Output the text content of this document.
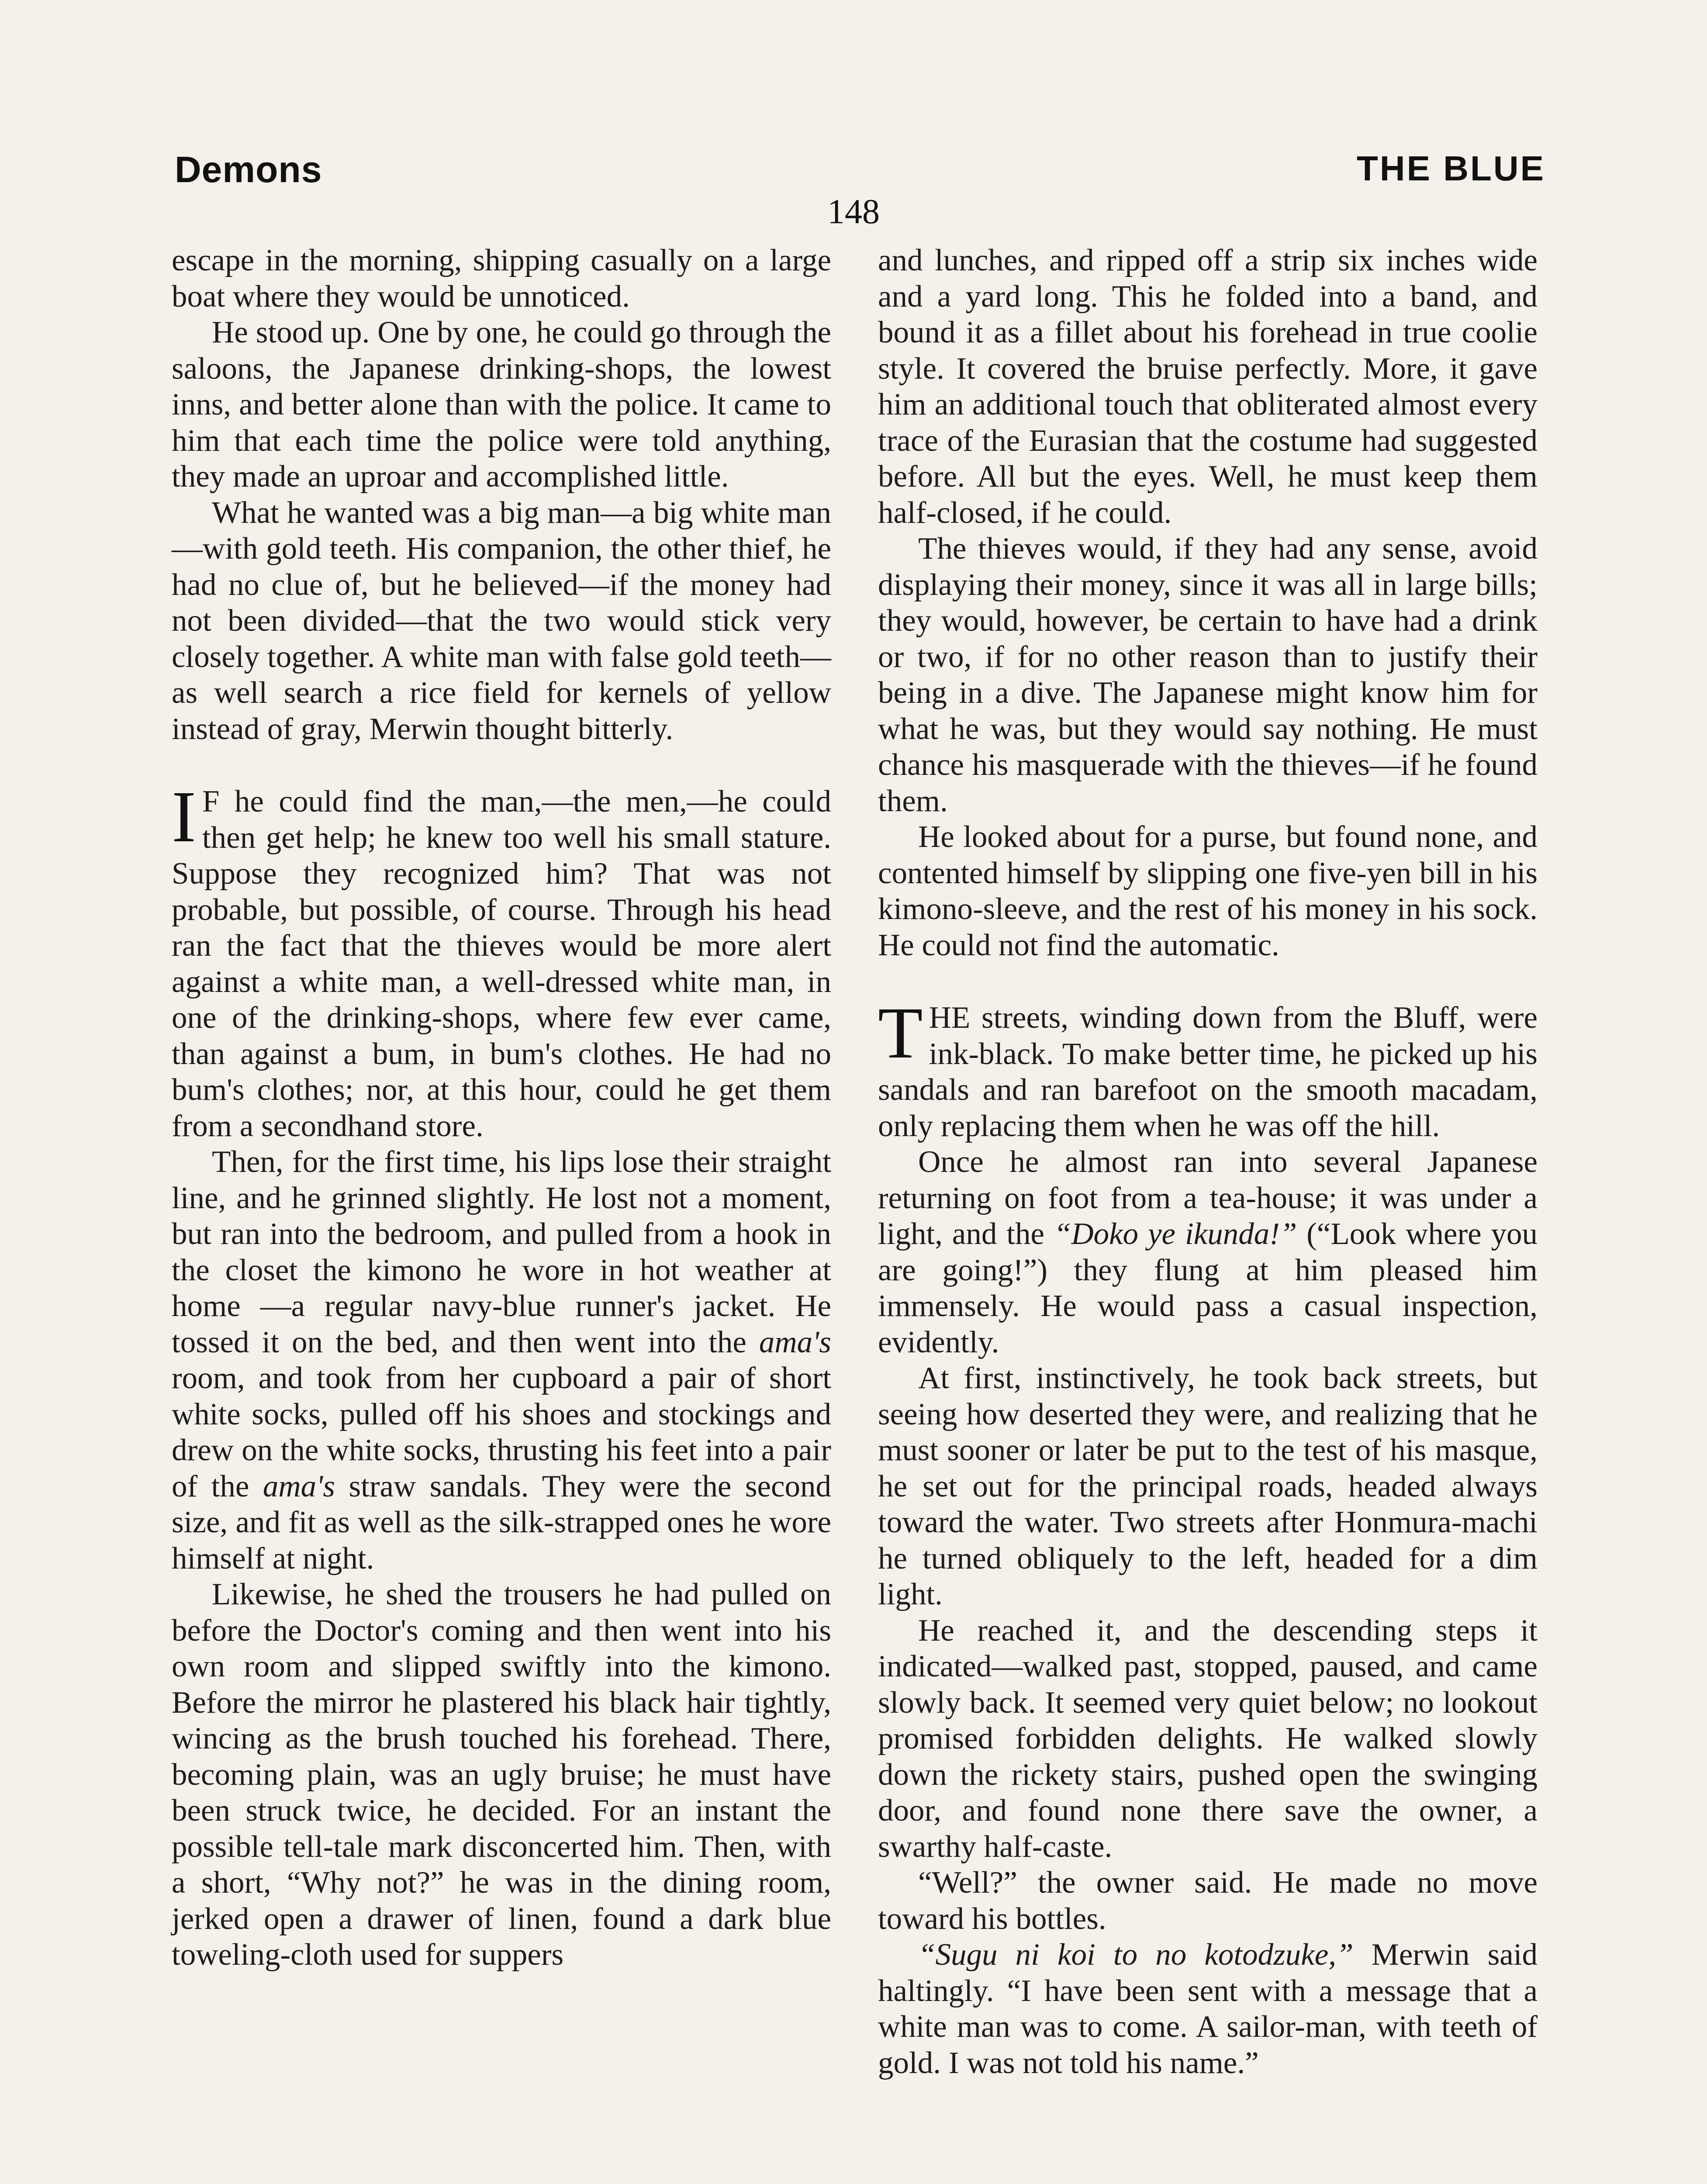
Demons	THE BLUE
148

escape in the morning, shipping casually on a large boat where they would be unnoticed.

He stood up. One by one, he could go through the saloons, the Japanese drinking-shops, the lowest inns, and better alone than with the police. It came to him that each time the police were told anything, they made an uproar and accomplished little.

What he wanted was a big man—a big white man—with gold teeth. His companion, the other thief, he had no clue of, but he believed—if the money had not been divided—that the two would stick very closely together. A white man with false gold teeth—as well search a rice field for kernels of yellow instead of gray, Merwin thought bitterly.

I F he could find the man,—the men,—he could then get help; he knew too well his small stature. Suppose they recognized him? That was not probable, but possible, of course. Through his head ran the fact that the thieves would be more alert against a white man, a well-dressed white man, in one of the drinking-shops, where few ever came, than against a bum, in bum's clothes. He had no bum's clothes; nor, at this hour, could he get them from a secondhand store.

Then, for the first time, his lips lose their straight line, and he grinned slightly. He lost not a moment, but ran into the bedroom, and pulled from a hook in the closet the kimono he wore in hot weather at home —a regular navy-blue runner's jacket. He tossed it on the bed, and then went into the ama's room, and took from her cupboard a pair of short white socks, pulled off his shoes and stockings and drew on the white socks, thrusting his feet into a pair of the ama's straw sandals. They were the second size, and fit as well as the silk-strapped ones he wore himself at night.

Likewise, he shed the trousers he had pulled on before the Doctor's coming and then went into his own room and slipped swiftly into the kimono. Before the mirror he plastered his black hair tightly, wincing as the brush touched his forehead. There, becoming plain, was an ugly bruise; he must have been struck twice, he decided. For an instant the possible tell-tale mark disconcerted him. Then, with a short, “Why not?” he was in the dining room, jerked open a drawer of linen, found a dark blue toweling-cloth used for suppers

and lunches, and ripped off a strip six inches wide and a yard long. This he folded into a band, and bound it as a fillet about his forehead in true coolie style. It covered the bruise perfectly. More, it gave him an additional touch that obliterated almost every trace of the Eurasian that the costume had suggested before. All but the eyes. Well, he must keep them half-closed, if he could.

The thieves would, if they had any sense, avoid displaying their money, since it was all in large bills; they would, however, be certain to have had a drink or two, if for no other reason than to justify their being in a dive. The Japanese might know him for what he was, but they would say nothing. He must chance his masquerade with the thieves—if he found them.

He looked about for a purse, but found none, and contented himself by slipping one five-yen bill in his kimono-sleeve, and the rest of his money in his sock. He could not find the automatic.

THE streets, winding down from the Bluff, were ink-black. To make better time, he picked up his sandals and ran barefoot on the smooth macadam, only replacing them when he was off the hill.

Once he almost ran into several Japanese returning on foot from a tea-house; it was under a light, and the “Doko ye ikunda!” (“Look where you are going!”) they flung at him pleased him immensely. He would pass a casual inspection, evidently.

At first, instinctively, he took back streets, but seeing how deserted they were, and realizing that he must sooner or later be put to the test of his masque, he set out for the principal roads, headed always toward the water. Two streets after Honmura-machi he turned obliquely to the left, headed for a dim light.

He reached it, and the descending steps it indicated—walked past, stopped, paused, and came slowly back. It seemed very quiet below; no lookout promised forbidden delights. He walked slowly down the rickety stairs, pushed open the swinging door, and found none there save the owner, a swarthy half-caste.

“Well?” the owner said. He made no move toward his bottles.

“Sugu ni koi to no kotodzuke,” Merwin said haltingly. “I have been sent with a message that a white man was to come. A sailor-man, with teeth of gold. I was not told his name.”
